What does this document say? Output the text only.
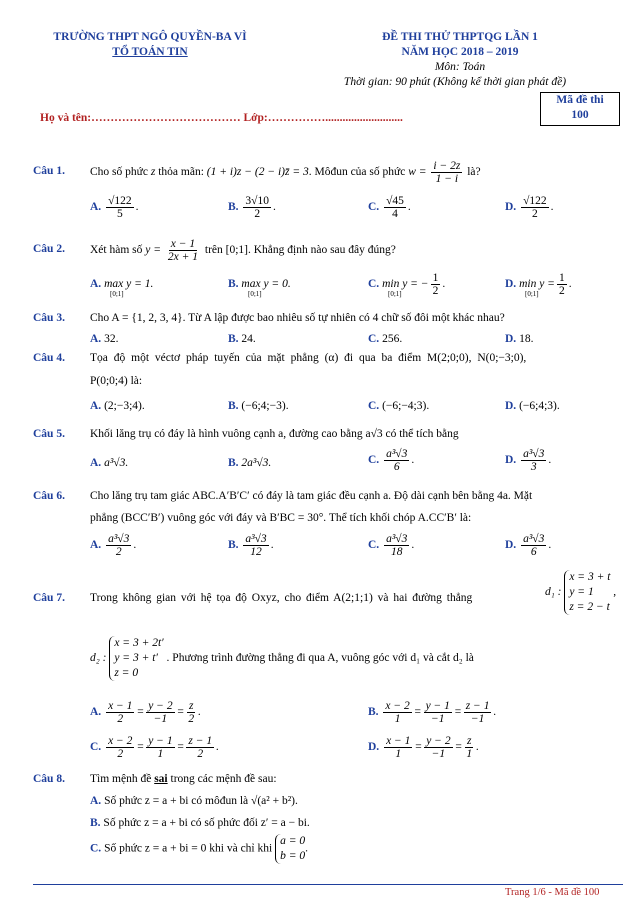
TRƯỜNG THPT NGÔ QUYỀN-BA VÌ
TỔ TOÁN TIN
ĐỀ THI THỬ THPTQG LẦN 1
NĂM HỌC 2018 – 2019
Môn: Toán
Thời gian: 90 phút (Không kể thời gian phát đề)
Mã đề thi
100
Họ và tên:………………………………… Lớp:……………...........................
Câu 1. Cho số phức z thỏa mãn: (1 + i)z − (2 − i)z̄ = 3. Môđun của số phức $w = \frac{i - 2z}{1 - i}$ là?
A. $\frac{√122}{5}$ .	B. $\frac{3√10}{2}$ .	C. $\frac{√45}{4}$ .	D. $\frac{√122}{2}$ .
Câu 2. Xét hàm số $y = \frac{x - 1}{2x + 1}$ trên [0;1]. Khẳng định nào sau đây đúng?
A. max y = 1.
[0;1]
B. max y = 0.
[0;1]
C. min y = − $\frac{1}{2}$ .
[0;1]
D. $\min y = \frac{1}{2}$ .
[0;1]
Câu 3. Cho A = {1, 2, 3, 4}. Từ A lập được bao nhiêu số tự nhiên có 4 chữ số đôi một khác nhau?
A. 32.	B. 24.	C. 256.	D. 18.
Câu 4. Tọa độ một véctơ pháp tuyến của mặt phẳng (α) đi qua ba điểm M(2;0;0), N(0;−3;0),
P(0;0;4) là:
A. (2;−3;4).	B. (−6;4;−3).	C. (−6;−4;3).	D. (−6;4;3).
Câu 5. Khối lăng trụ có đáy là hình vuông cạnh a, đường cao bằng a√3 có thể tích bằng
A. a³√3.	B. 2a³√3.	C. $\frac{\text{a³√3}}{6}$ .	D. $\frac{\text{a³√3}}{3}$ .
Câu 6. Cho lăng trụ tam giác ABC.A′B′C′ có đáy là tam giác đều cạnh a. Độ dài cạnh bên bằng 4a. Mặt
phẳng (BCC′B′) vuông góc với đáy và B′BC = 30°. Thể tích khối chóp A.CC′B′ là:
A. $\frac{\text{a³√3}}{2}$ .	B. $\frac{\text{a³√3}}{12}$ .	C. $\frac{\text{a³√3}}{18}$ .	D. $\frac{\text{a³√3}}{6}$ .
Câu 7. Trong không gian với hệ tọa độ Oxyz, cho điểm A(2;1;1) và hai đường thẳng	d₁ :
x = 3 + t
y = 1
z = 2 − t
,
d₂ :
x = 3 + 2t′
y = 3 + t′
z = 0
. Phương trình đường thẳng đi qua A, vuông góc với d₁ và cắt d₂ là
A. $\frac{x - 1}{2} = \frac{y - 2}{-1} = \frac{z}{2}$ .	B. $\frac{x - 2}{1} = \frac{y - 1}{-1} = \frac{z - 1}{-1}$ .
C. $\frac{x - 2}{2} = \frac{y - 1}{1} = \frac{z - 1}{2}$ .	D. $\frac{x - 1}{1} = \frac{y - 2}{-1} = \frac{z}{1}$ .
Câu 8. Tìm mệnh đề sai trong các mệnh đề sau:
A. Số phức z = a + bi có môđun là √(a² + b²).
B. Số phức z = a + bi có số phức đối z′ = a − bi.
C. Số phức z = a + bi = 0 khi và chỉ khi
a = 0
b = 0
.
Trang 1/6 - Mã đề 100
